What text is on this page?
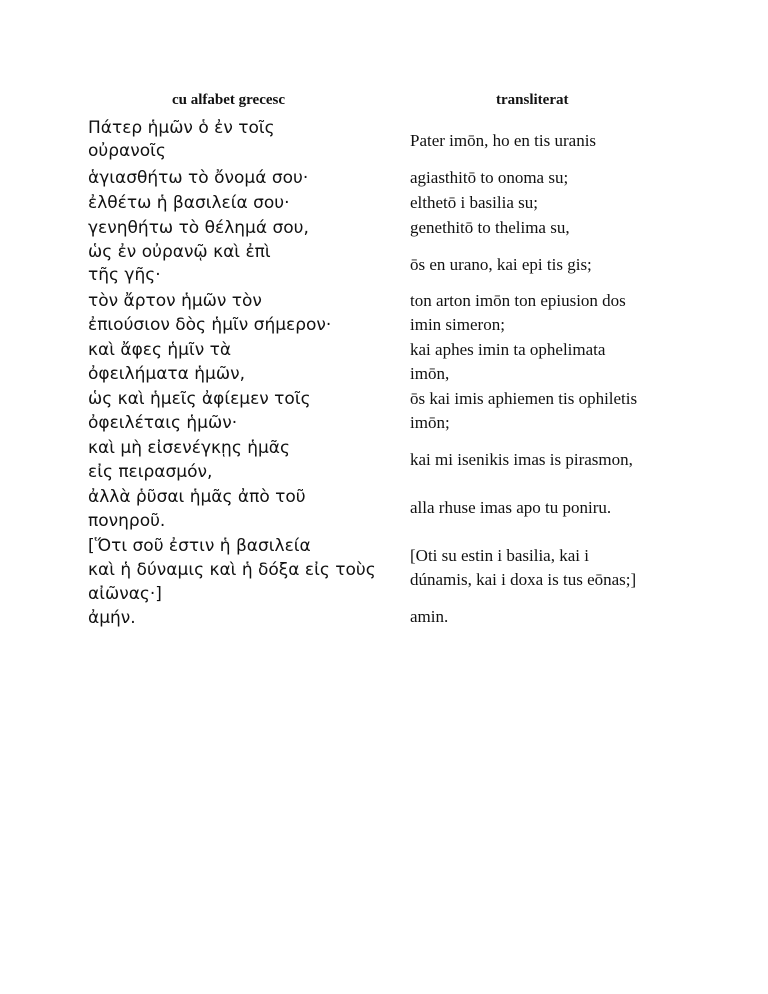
cu alfabet grecesc	transliterat

Πάτερ ἡμῶν ὁ ἐν τοῖς

οὐρανοῖς

ἁγιασθήτω τὸ ὄνομά σου·

ἐλθέτω ἡ βασιλεία σου·

γενηθήτω τὸ θέλημά σου,

ὡς ἐν οὐρανῷ καὶ ἐπὶ

τῆς γῆς·

τὸν ἄρτον ἡμῶν τὸν

ἐπιούσιον δὸς ἡμῖν σήμερον·

καὶ ἄφες ἡμῖν τὰ

ὀφειλήματα ἡμῶν,

ὡς καὶ ἡμεῖς ἀφίεμεν τοῖς

ὀφειλέταις ἡμῶν·

καὶ μὴ εἰσενέγκῃς ἡμᾶς

εἰς πειρασμόν,

ἀλλὰ ῥῦσαι ἡμᾶς ἀπὸ τοῦ

πονηροῦ.

[Ὅτι σοῦ ἐστιν ἡ βασιλεία

καὶ ἡ δύναμις καὶ ἡ δόξα εἰς τοὺς

αἰῶνας·]

ἀμήν.

Pater imōn, ho en tis uranis

agiasthitō to onoma su;

elthetō i basilia su;

genethitō to thelima su,

ōs en urano, kai epi tis gis;

ton arton imōn ton epiusion dos

imin simeron;

kai aphes imin ta ophelimata

imōn,

ōs kai imis aphiemen tis ophiletis

imōn;

kai mi isenikis imas is pirasmon,

alla rhuse imas apo tu poniru.

[Oti su estin i basilia, kai i

dúnamis, kai i doxa is tus eōnas;]

amin.
